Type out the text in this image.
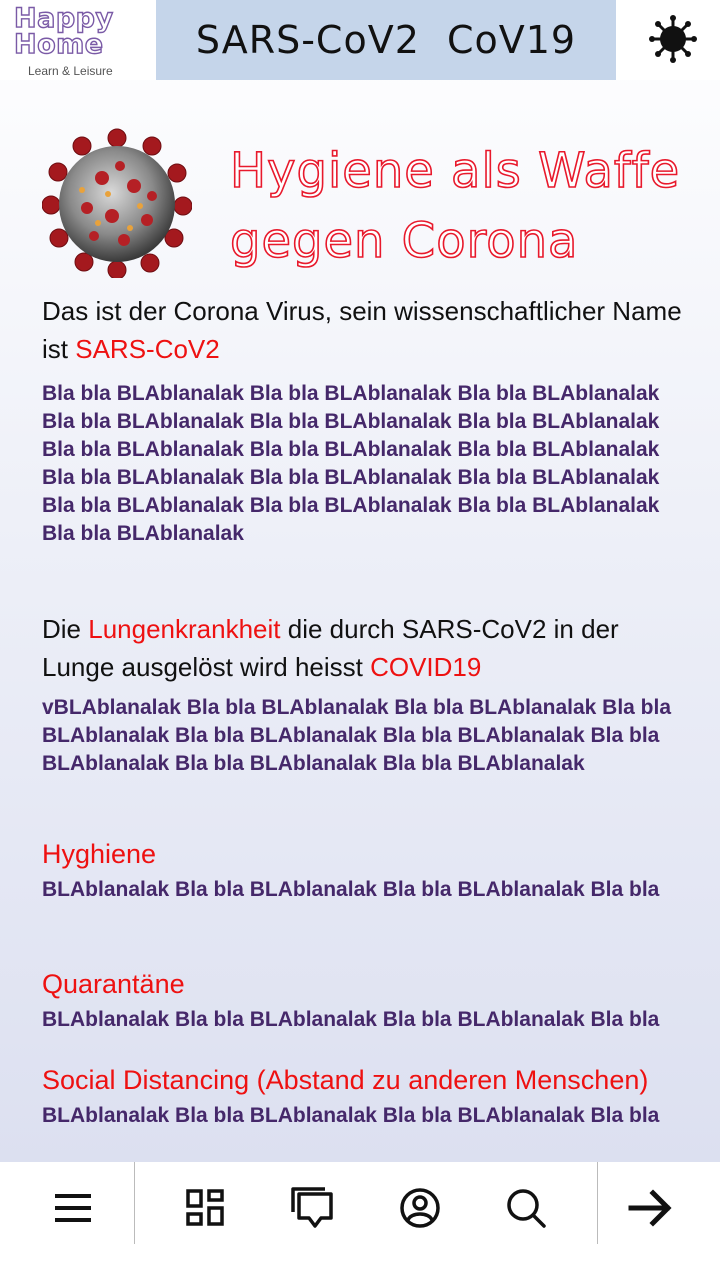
Happy
Home
Learn & Leisure
SARS-CoV2 CoV19
Hygiene als Waffe
gegen Corona
Das ist der Corona Virus, sein wissenschaftlicher Name ist SARS-CoV2
Bla bla BLAblanalak Bla bla BLAblanalak Bla bla BLAblanalak Bla bla BLAblanalak Bla bla BLAblanalak Bla bla BLAblanalak Bla bla BLAblanalak Bla bla BLAblanalak Bla bla BLAblanalak Bla bla BLAblanalak Bla bla BLAblanalak Bla bla BLAblanalak Bla bla BLAblanalak Bla bla BLAblanalak Bla bla BLAblanalak Bla bla BLAblanalak
Die Lungenkrankheit die durch SARS-CoV2 in der Lunge ausgelöst wird heisst COVID19
vBLAblanalak Bla bla BLAblanalak Bla bla BLAblanalak Bla bla BLAblanalak Bla bla BLAblanalak Bla bla BLAblanalak Bla bla BLAblanalak Bla bla BLAblanalak Bla bla BLAblanalak
Hyghiene
BLAblanalak Bla bla BLAblanalak Bla bla BLAblanalak Bla bla
Quarantäne
BLAblanalak Bla bla BLAblanalak Bla bla BLAblanalak Bla bla
Social Distancing (Abstand zu anderen Menschen)
BLAblanalak Bla bla BLAblanalak Bla bla BLAblanalak Bla bla
